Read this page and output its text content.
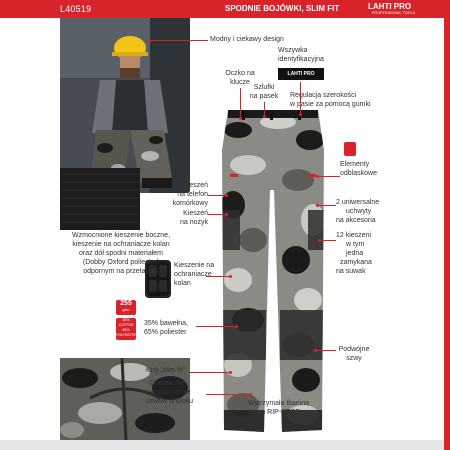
L40519	SPODNIE BOJÓWKI, SLIM FIT	LAHTI PRO
PROFESSIONAL TOOLS
255
g/m²
35%
COTTON
65%
POLYESTER
LAHTI PRO
Modny i ciekawy design
Wszywka
identyfikacyjna
Oczko na
klucze
Szlufki
na pasek	Regulacja szerokości
w pasie za pomocą gumki
Elementy
odblaskowe
Kieszeń
na telefon
komórkowy
Kieszeń
na nożyk
2 uniwersalne
uchwyty
na akcesoria
12 kieszeni
w tym
jedna
zamykana
na suwak
Wzmocnione kieszenie boczne,
kieszenie na ochraniacze kolan
oraz dół spodni materiałem
(Dobby Oxford poliester)
odpornym na przetarcia.
Kieszenie na
ochraniacze
kolan
35% bawełna,
65% poliester
Podwójne
szwy
Krój „slim fit”
Dodatkowe
wzmocnienie
szwów w kroku	Wytrzymała tkanina
typu RIP-STOP
